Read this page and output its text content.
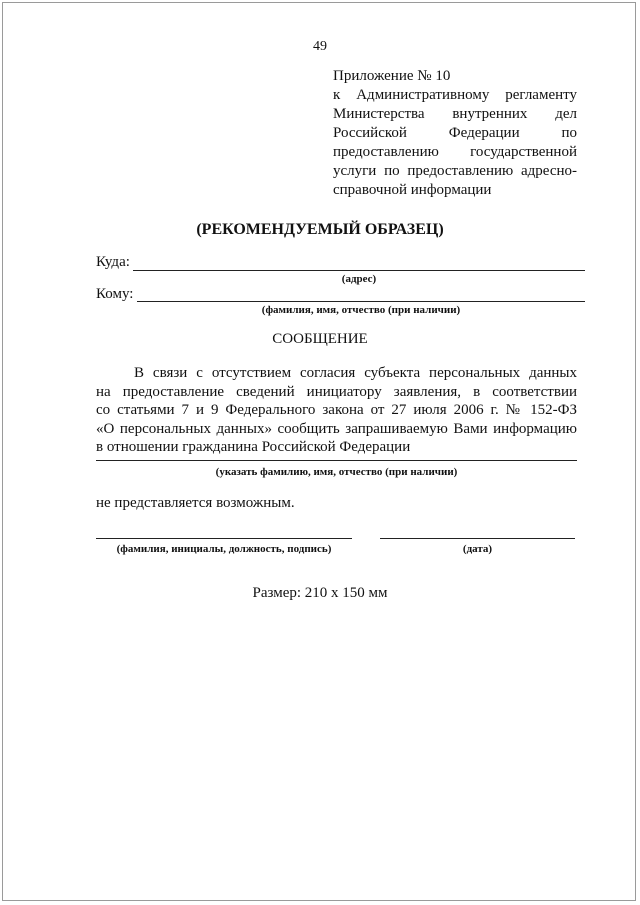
49
Приложение № 10
к Административному регламенту
Министерства внутренних дел
Российской Федерации по
предоставлению государственной
услуги по предоставлению адресно-
справочной информации
(РЕКОМЕНДУЕМЫЙ ОБРАЗЕЦ)
Куда:
(адрес)
Кому:
(фамилия, имя, отчество (при наличии)
СООБЩЕНИЕ
В связи с отсутствием согласия субъекта персональных данных
на предоставление сведений инициатору заявления, в соответствии
со статьями 7 и 9 Федерального закона от 27 июля 2006 г. № 152-ФЗ
«О персональных данных» сообщить запрашиваемую Вами информацию
в отношении гражданина Российской Федерации
(указать фамилию, имя, отчество (при наличии)
не представляется возможным.
(фамилия, инициалы, должность, подпись)	(дата)
Размер: 210 х 150 мм
